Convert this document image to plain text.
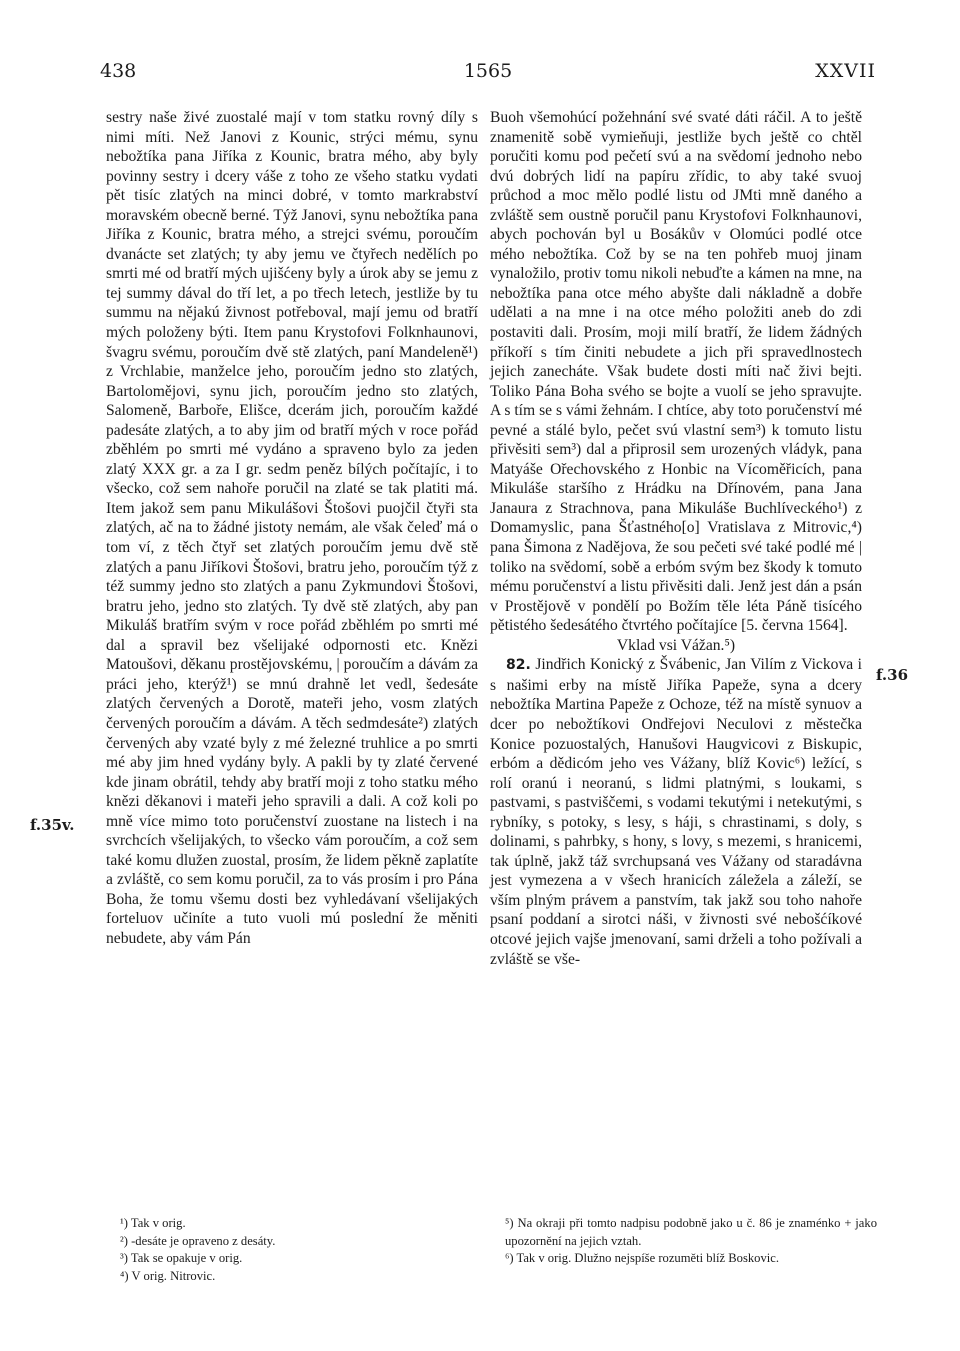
438	1565	XXVII
f.35v.
f.36

sestry naše živé zuostalé mají v tom statku rovný díly s nimi míti. Než Janovi z Kounic, strýci mému, synu nebožtíka pana Jiříka z Kounic, bratra mého, aby byly povinny sestry i dcery váše z toho ze všeho statku vydati pět tisíc zlatých na minci dobré, v tomto markrabství moravském obecně berné. Týž Janovi, synu nebožtíka pana Jiříka z Kounic, bratra mého, a strejci svému, poroučím dvanácte set zlatých; ty aby jemu ve čtyřech nedělích po smrti mé od bratří mých ujišćeny byly a úrok aby se jemu z tej summy dával do tří let, a po třech letech, jestliže by tu summu na nějakú živnost potřeboval, mají jemu od bratří mých položeny býti. Item panu Krystofovi Folknhaunovi, švagru svému, poroučím dvě stě zlatých, paní Mandeleně¹) z Vrchlabie, manželce jeho, poroučím jedno sto zlatých, Bartolomějovi, synu jich, poroučím jedno sto zlatých, Salomeně, Barboře, Elišce, dcerám jich, poroučím každé padesáte zlatých, a to aby jim od bratří mých v roce pořád zběhlém po smrti mé vydáno a spraveno bylo za jeden zlatý XXX gr. a za I gr. sedm peněz bílých počítajíc, i to všecko, což sem nahoře poručil na zlaté se tak platiti má. Item jakož sem panu Mikulášovi Štošovi puojčil čtyři sta zlatých, ač na to žádné jistoty nemám, ale však čeleď má o tom ví, z těch čtyř set zlatých poroučím jemu dvě stě zlatých a panu Jiříkovi Štošovi, bratru jeho, poroučím týž z též summy jedno sto zlatých a panu Zykmundovi Štošovi, bratru jeho, jedno sto zlatých. Ty dvě stě zlatých, aby pan Mikuláš bratřím svým v roce pořád zběhlém po smrti mé dal a spravil bez všelijaké odpornosti etc. Knězi Matoušovi, děkanu prostějovskému, | poroučím a dávám za práci jeho, kterýž¹) se mnú drahně let vedl, šedesáte zlatých červených a Dorotě, mateři jeho, vosm zlatých červených poroučím a dávám. A těch sedmdesáte²) zlatých červených aby vzaté byly z mé železné truhlice a po smrti mé aby jim hned vydány byly. A pakli by ty zlaté červené kde jinam obrátil, tehdy aby bratří moji z toho statku mého knězi děkanovi i mateři jeho spravili a dali. A což koli po mně více mimo toto poručenství zuostane na listech i na svrchcích všelijakých, to všecko vám poroučím, a což sem také komu dlužen zuostal, prosím, že lidem pěkně zaplatíte a zvláště, co sem komu poručil, za to vás prosím i pro Pána Boha, že tomu všemu dosti bez vyhledávaní všelijakých forteluov učiníte a tuto vuoli mú poslední že měniti nebudete, aby vám Pán

Buoh všemohúcí požehnání své svaté dáti ráčil. A to ještě znamenitě sobě vymieňuji, jestliže bych ještě co chtěl poručiti komu pod pečetí svú a na svědomí jednoho nebo dvú dobrých lidí na papíru zřídic, to aby také svuoj průchod a moc mělo podlé listu od JMti mně daného a zvláště sem oustně poručil panu Krystofovi Folknhaunovi, abych pochován byl u Bosákův v Olomúci podlé otce mého nebožtíka. Což by se na ten pohřeb muoj jinam vynaložilo, protiv tomu nikoli nebuďte a kámen na mne, na nebožtíka pana otce mého abyšte dali nákladně a dobře udělati a na mne i na otce mého položiti aneb do zdi postaviti dali. Prosím, moji milí bratří, že lidem žádných příkoří s tím činiti nebudete a jich při spravedlnostech jejich zanecháte. Však budete dosti míti nač živi bejti. Toliko Pána Boha svého se bojte a vuolí se jeho spravujte. A s tím se s vámi žehnám. I chtíce, aby toto poručenství mé pevné a stálé bylo, pečet svú vlastní sem³) k tomuto listu přivěsiti sem³) dal a připrosil sem urozených vládyk, pana Matyáše Ořechovského z Honbic na Vícoměřicích, pana Mikuláše staršího z Hrádku na Dřínovém, pana Jana Janaura z Strachnova, pana Mikuláše Buchlíveckého¹) z Domamyslic, pana Šťastného[o] Vratislava z Mitrovic,⁴) pana Šimona z Nadějova, že sou pečeti své také podlé mé | toliko na svědomí, sobě a erbóm svým bez škody k tomuto mému poručenství a listu přivěsiti dali. Jenž jest dán a psán v Prostějově v pondělí po Božím těle léta Páně tisícého pětistého šedesátého čtvrtého počítajíce [5. června 1564].

Vklad vsi Vážan.⁵)

82. Jindřich Konický z Švábenic, Jan Vilím z Vickova i s našimi erby na místě Jiříka Papeže, syna a dcery nebožtíka Martina Papeže z Ochoze, též na místě synuov a dcer po nebožtíkovi Ondřejovi Neculovi z městečka Konice pozuostalých, Hanušovi Haugvicovi z Biskupic, erbóm a dědicóm jeho ves Vážany, blíž Kovic⁶) ležící, s rolí oranú i neoranú, s lidmi platnými, s loukami, s pastvami, s pastviščemi, s vodami tekutými i netekutými, s rybníky, s potoky, s lesy, s háji, s chrastinami, s doly, s dolinami, s pahrbky, s hony, s lovy, s mezemi, s hranicemi, tak úplně, jakž táž svrchupsaná ves Vážany od staradávna jest vymezena a v všech hranicích záležela a záleží, se vším plným právem a panstvím, tak jakž sou toho nahoře psaní poddaní a sirotci náši, v živnosti své nebošćíkové otcové jejich vajše jmenovaní, sami drželi a toho požívali a zvláště se vše-

¹) Tak v orig.

²) -desáte je opraveno z desáty.

³) Tak se opakuje v orig.

⁴) V orig. Nitrovic.

⁵) Na okraji při tomto nadpisu podobně jako u č. 86 je znaménko + jako upozornění na jejich vztah.

⁶) Tak v orig. Dlužno nejspíše rozuměti blíž Boskovic.
